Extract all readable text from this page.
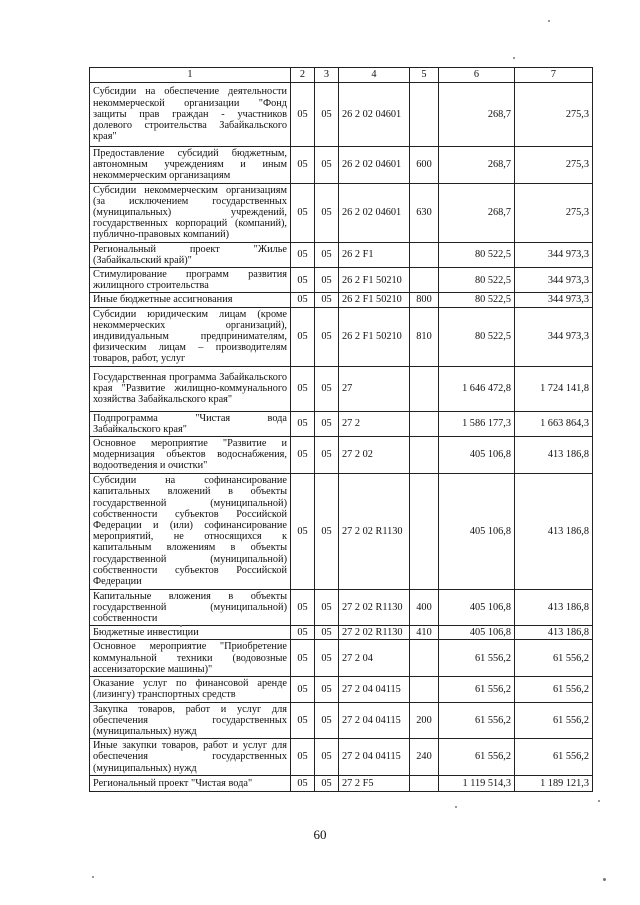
1	2	3	4	5	6	7
Субсидии на обеспечение деятельности некоммерческой организации "Фонд защиты прав граждан - участников долевого строительства Забайкальского края"	05	05	26 2 02 04601		268,7	275,3
Предоставление субсидий бюджетным, автономным учреждениям и иным некоммерческим организациям	05	05	26 2 02 04601	600	268,7	275,3
Субсидии некоммерческим организациям (за исключением государственных (муниципальных) учреждений, государственных корпораций (компаний), публично-правовых компаний)	05	05	26 2 02 04601	630	268,7	275,3
Региональный проект "Жилье (Забайкальский край)"	05	05	26 2 F1		80 522,5	344 973,3
Стимулирование программ развития жилищного строительства	05	05	26 2 F1 50210		80 522,5	344 973,3
Иные бюджетные ассигнования	05	05	26 2 F1 50210	800	80 522,5	344 973,3
Субсидии юридическим лицам (кроме некоммерческих организаций), индивидуальным предпринимателям, физическим лицам – производителям товаров, работ, услуг	05	05	26 2 F1 50210	810	80 522,5	344 973,3
Государственная программа Забайкальского края "Развитие жилищно-коммунального хозяйства Забайкальского края"	05	05	27		1 646 472,8	1 724 141,8
Подпрограмма "Чистая вода Забайкальского края"	05	05	27 2		1 586 177,3	1 663 864,3
Основное мероприятие "Развитие и модернизация объектов водоснабжения, водоотведения и очистки"	05	05	27 2 02		405 106,8	413 186,8
Субсидии на софинансирование капитальных вложений в объекты государственной (муниципальной) собственности субъектов Российской Федерации и (или) софинансирование мероприятий, не относящихся к капитальным вложениям в объекты государственной (муниципальной) собственности субъектов Российской Федерации	05	05	27 2 02 R1130		405 106,8	413 186,8
Капитальные вложения в объекты государственной (муниципальной) собственности	05	05	27 2 02 R1130	400	405 106,8	413 186,8
Бюджетные инвестиции	05	05	27 2 02 R1130	410	405 106,8	413 186,8
Основное мероприятие "Приобретение коммунальной техники (водовозные ассенизаторские машины)"	05	05	27 2 04		61 556,2	61 556,2
Оказание услуг по финансовой аренде (лизингу) транспортных средств	05	05	27 2 04 04115		61 556,2	61 556,2
Закупка товаров, работ и услуг для обеспечения государственных (муниципальных) нужд	05	05	27 2 04 04115	200	61 556,2	61 556,2
Иные закупки товаров, работ и услуг для обеспечения государственных (муниципальных) нужд	05	05	27 2 04 04115	240	61 556,2	61 556,2
Региональный проект "Чистая вода"	05	05	27 2 F5		1 119 514,3	1 189 121,3
60
